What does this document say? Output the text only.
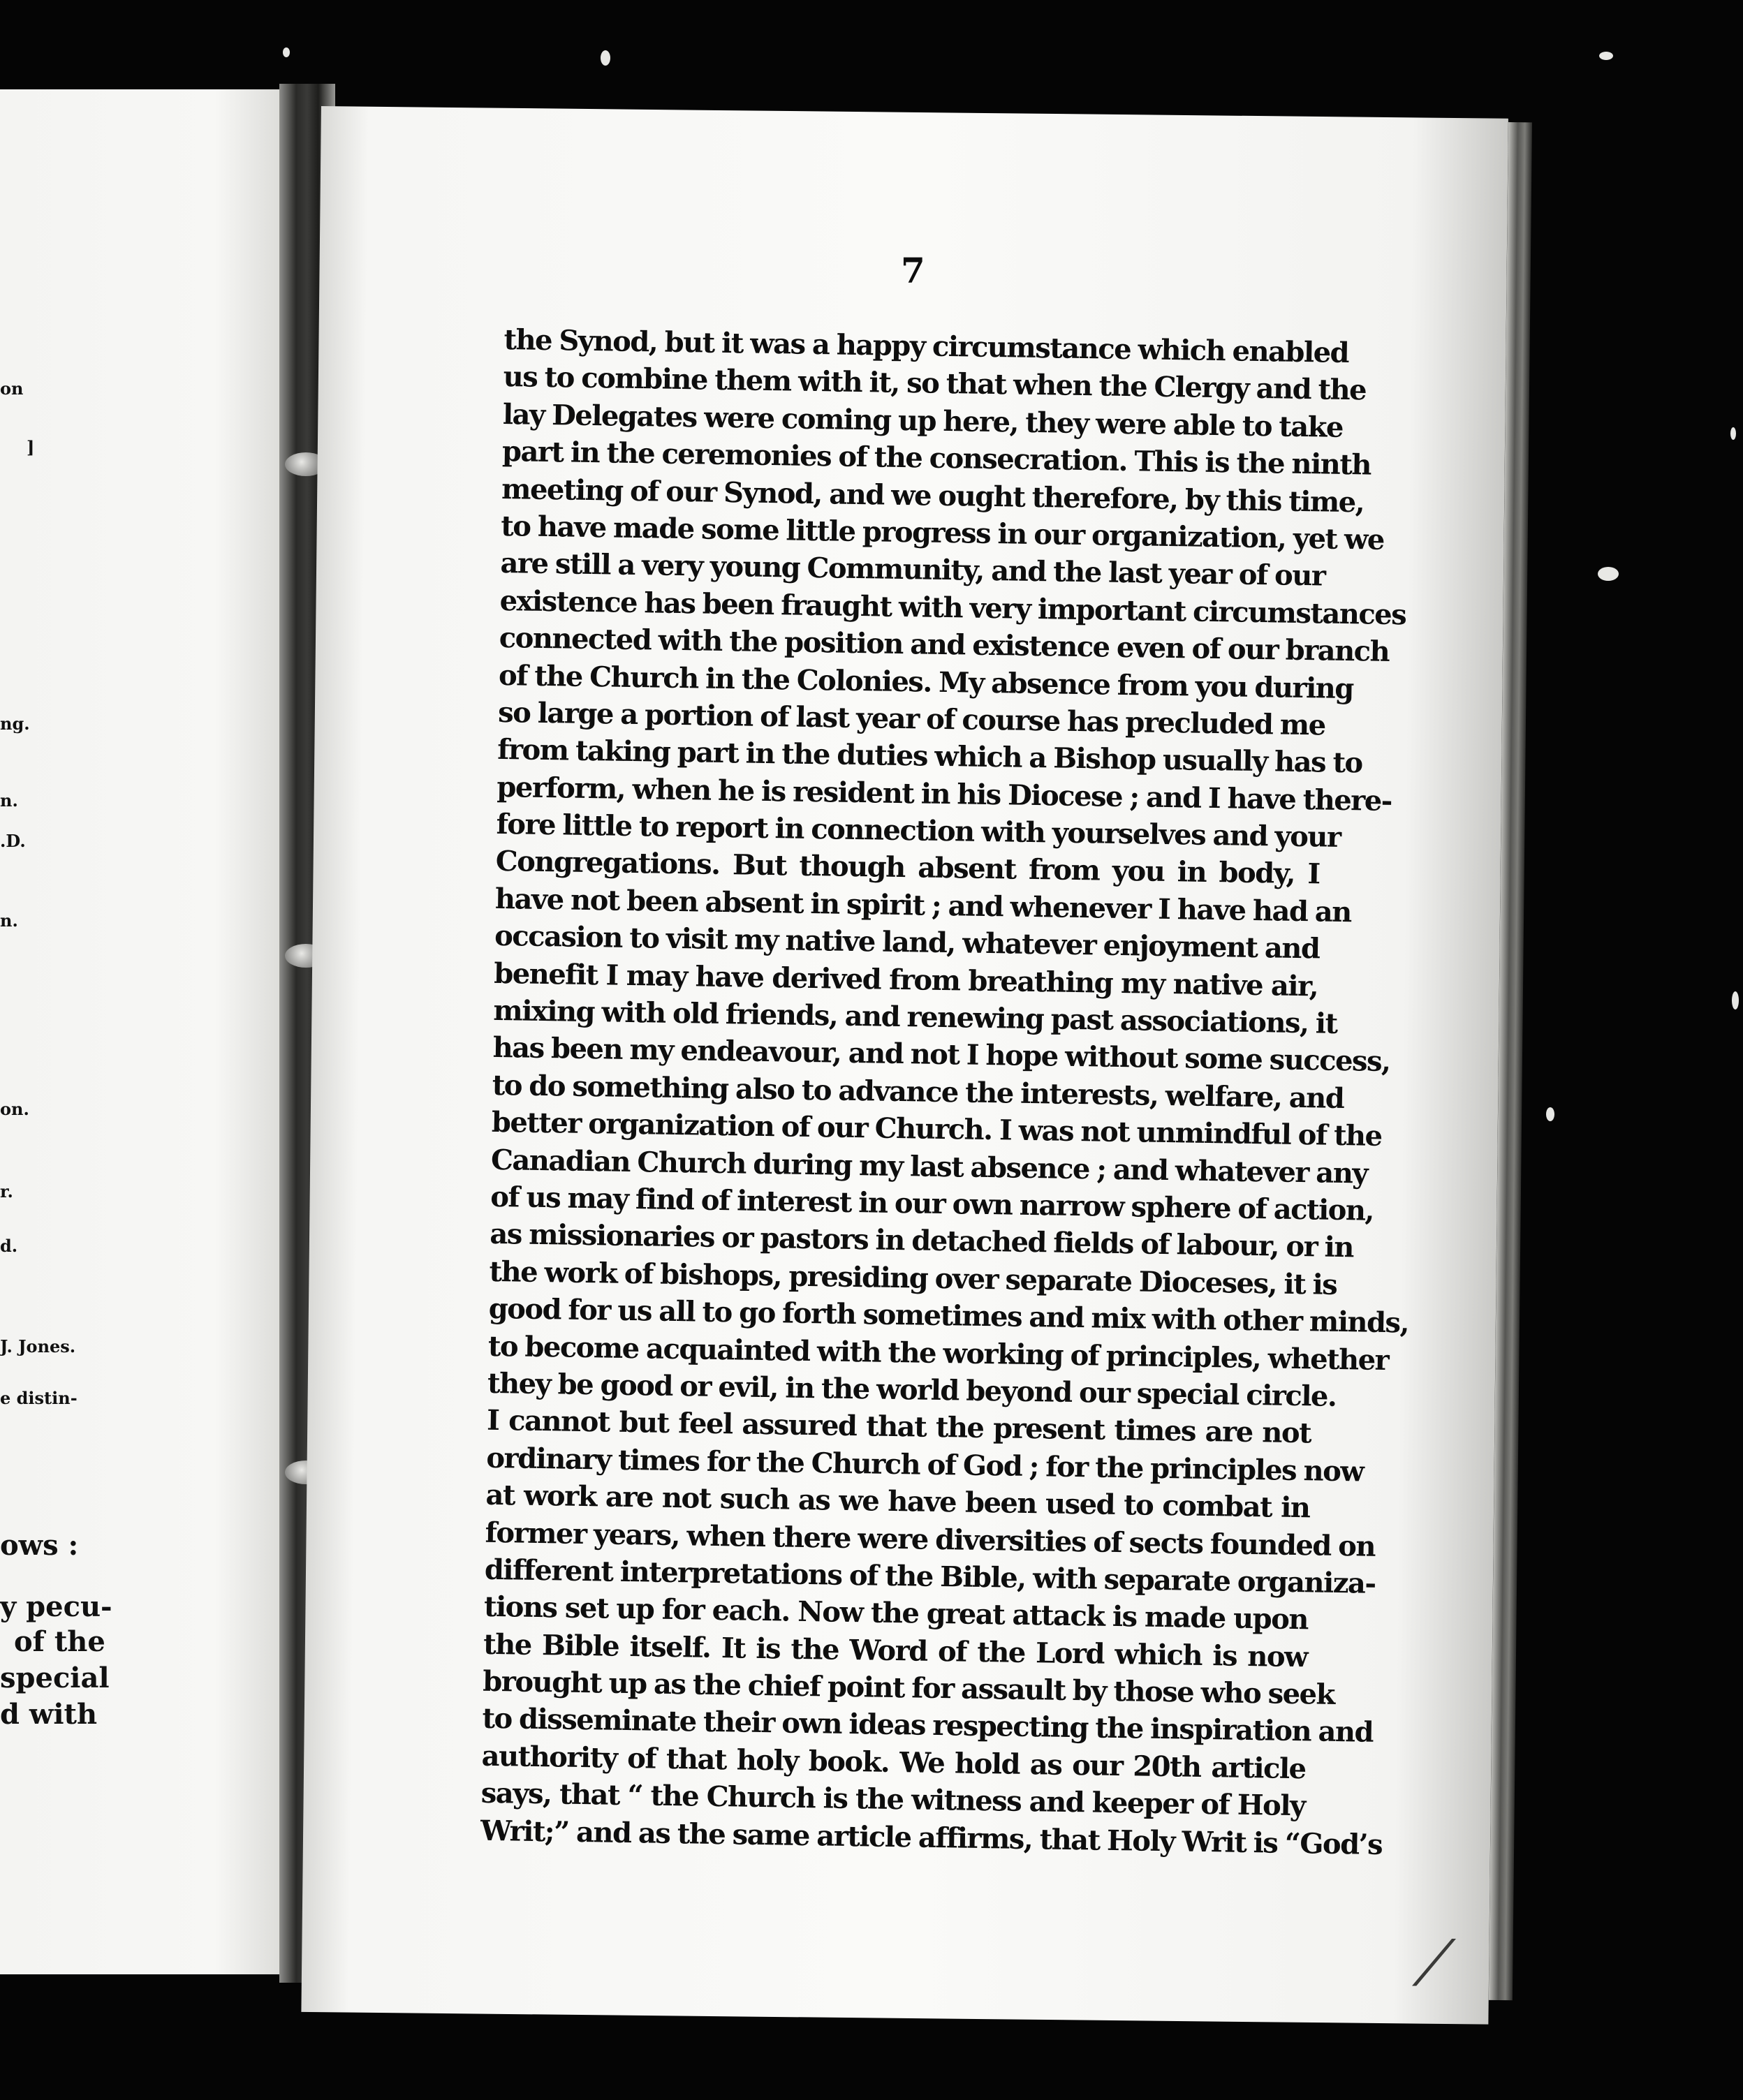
on

]

ng.

n.

.D.

n.

on.

r.

d.

J. Jones.

e distin-

ows :

y pecu-

of the

special

d with

⟋

7

the Synod, but it was a happy circumstance which enabled

us to combine them with it, so that when the Clergy and the

lay Delegates were coming up here, they were able to take

part in the ceremonies of the consecration. This is the ninth

meeting of our Synod, and we ought therefore, by this time,

to have made some little progress in our organization, yet we

are still a very young Community, and the last year of our

existence has been fraught with very important circumstances

connected with the position and existence even of our branch

of the Church in the Colonies. My absence from you during

so large a portion of last year of course has precluded me

from taking part in the duties which a Bishop usually has to

perform, when he is resident in his Diocese ; and I have there-

fore little to report in connection with yourselves and your

Congregations. But though absent from you in body, I

have not been absent in spirit ; and whenever I have had an

occasion to visit my native land, whatever enjoyment and

benefit I may have derived from breathing my native air,

mixing with old friends, and renewing past associations, it

has been my endeavour, and not I hope without some success,

to do something also to advance the interests, welfare, and

better organization of our Church. I was not unmindful of the

Canadian Church during my last absence ; and whatever any

of us may find of interest in our own narrow sphere of action,

as missionaries or pastors in detached fields of labour, or in

the work of bishops, presiding over separate Dioceses, it is

good for us all to go forth sometimes and mix with other minds,

to become acquainted with the working of principles, whether

they be good or evil, in the world beyond our special circle.

I cannot but feel assured that the present times are not

ordinary times for the Church of God ; for the principles now

at work are not such as we have been used to combat in

former years, when there were diversities of sects founded on

different interpretations of the Bible, with separate organiza-

tions set up for each. Now the great attack is made upon

the Bible itself. It is the Word of the Lord which is now

brought up as the chief point for assault by those who seek

to disseminate their own ideas respecting the inspiration and

authority of that holy book. We hold as our 20th article

says, that “ the Church is the witness and keeper of Holy

Writ;” and as the same article affirms, that Holy Writ is “God’s
